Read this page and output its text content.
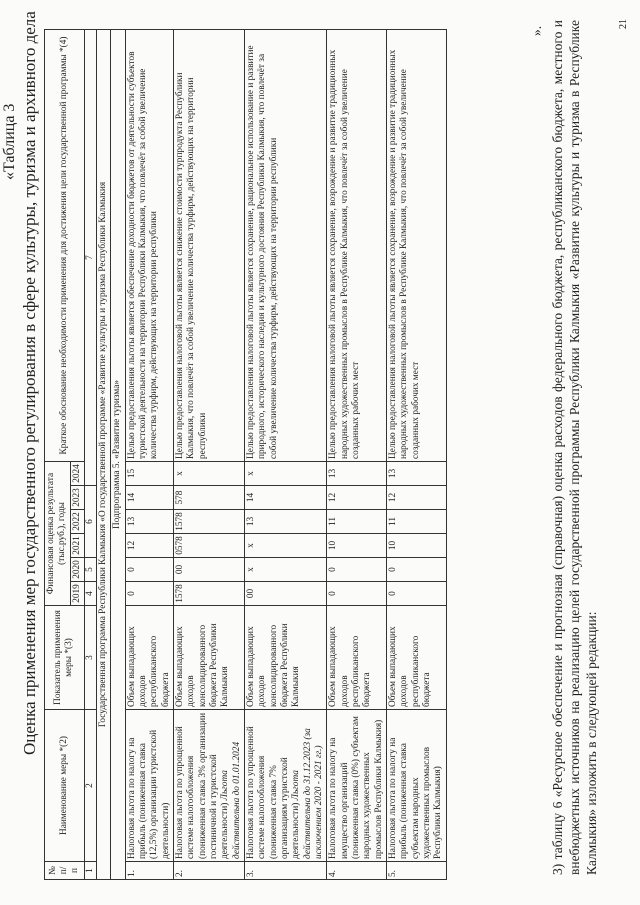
«Таблица 3 Оценка применения мер государственного регулирования в сфере культуры, туризма и архивного дела
№ п/ п	Наименование меры *(2)	Показатель применения меры *(3)	Финансовая оценка результата (тыс.руб.), годы						Краткое обоснование необходимости применения для достижения цели государственной программы *(4)
			2019	2020	2021	2022	2023	2024	
1	2	3	4	5	6			7	
Государственная программа Республики Калмыкия «О государственной программе «Развитие культуры и туризма Республики Калмыкия									
Подпрограмма 5. «Развитие туризма»									
1.	Налоговая льгота по налогу на прибыль (пониженная ставка (12,5%) организации туристской деятельности)	Объем выпадающих доходов республиканского бюджета	0	0	12	13	14	15	Целью предоставления льготы является обеспечение доходности бюджетов от деятельности субъектов туристской деятельности на территории Республики Калмыкия, что повлечёт за собой увеличение количества турфирм, действующих на территории республики
2.	Налоговая льгота по упрощенной системе налогообложения (пониженная ставка 3% организации гостиничной и туристской деятельности) Льгота действительна до 01.01.2024	Объем выпадающих доходов консолидированного бюджета Республики Калмыкия	1578	00	0578	1578	578	х	Целью предоставления налоговой льготы является снижение стоимости турпродукта Республики Калмыкия, что повлечёт за собой увеличение количества турфирм, действующих на территории республики
3.	Налоговая льгота по упрощенной системе налогообложения (пониженная ставка 7% организациям туристской деятельности) Льгота действительна до 31.12.2023 (за исключением 2020 - 2021 гг.)	Объем выпадающих доходов консолидированного бюджета Республики Калмыкия	00	х	х	13	14	х	Целью предоставления налоговой льготы является сохранение, рациональное использование и развитие природного, исторического наследия и культурного достояния Республики Калмыкия, что повлечёт за собой увеличение количества турфирм, действующих на территории республики
4.	Налоговая льгота по налогу на имущество организаций (пониженная ставка (0%) субъектам народных художественных промыслов Республики Калмыкия)	Объем выпадающих доходов республиканского бюджета	0	0	10	11	12	13	Целью предоставления налоговой льготы является сохранение, возрождение и развитие традиционных народных художественных промыслов в Республике Калмыкия, что повлечёт за собой увеличение созданных рабочих мест
5.	Налоговая льгота по налогу на прибыль (пониженная ставка субъектам народных художественных промыслов Республики Калмыкия)	Объем выпадающих доходов республиканского бюджета	0	0	10	11	12	13	Целью предоставления налоговой льготы является сохранение, возрождение и развитие традиционных народных художественных промыслов в Республике Калмыкия, что повлечёт за собой увеличение созданных рабочих мест
». 3) таблицу 6 «Ресурсное обеспечение и прогнозная (справочная) оценка расходов федерального бюджета, республиканского бюджета, местного и внебюджетных источников на реализацию целей государственной программы Республики Калмыкия «Развитие культуры и туризма в Республике Калмыкия» изложить в следующей редакции:
21
